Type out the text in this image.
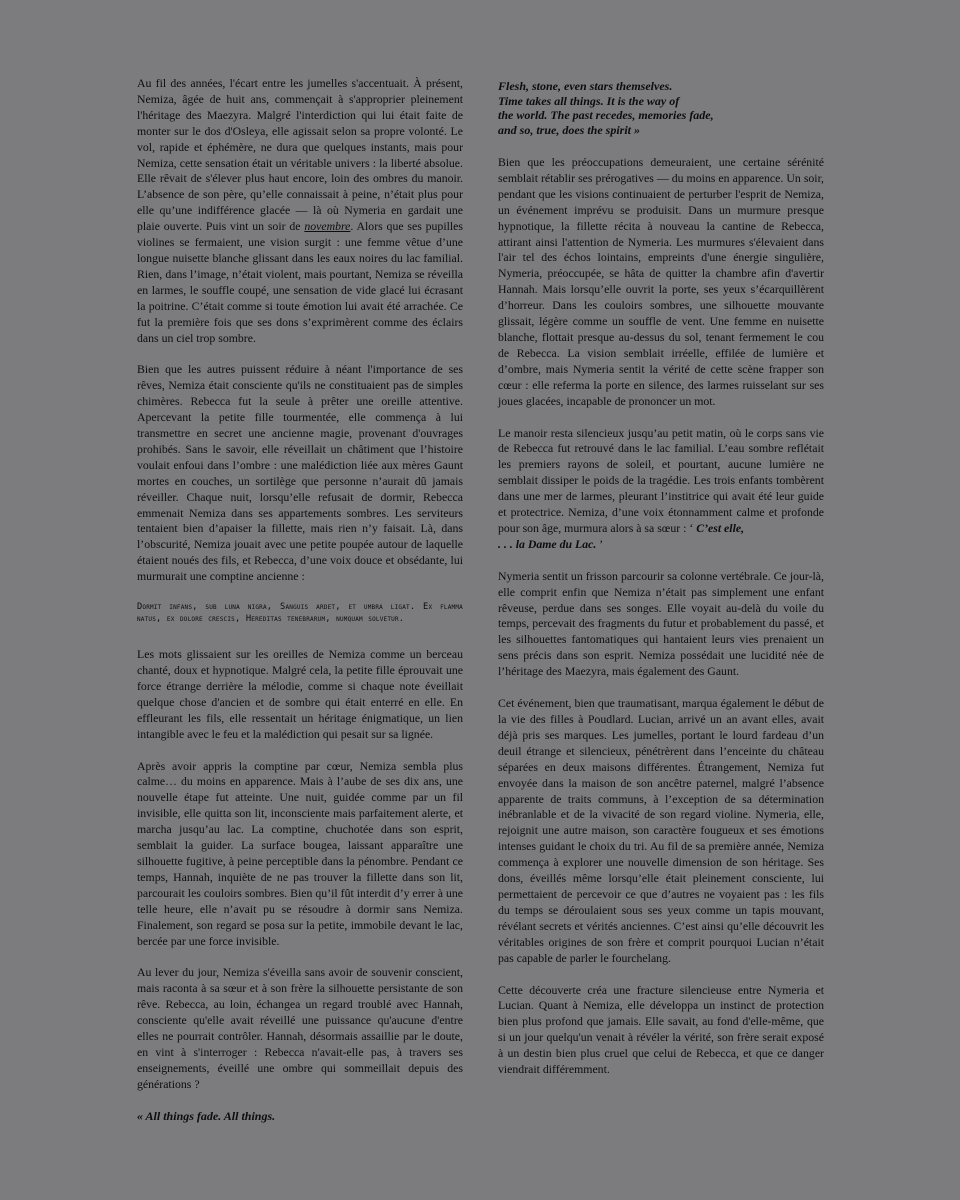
Au fil des années, l'écart entre les jumelles s'accentuait. À présent, Nemiza, âgée de huit ans, commençait à s'approprier pleinement l'héritage des Maezyra. Malgré l'interdiction qui lui était faite de monter sur le dos d'Osleya, elle agissait selon sa propre volonté. Le vol, rapide et éphémère, ne dura que quelques instants, mais pour Nemiza, cette sensation était un véritable univers : la liberté absolue. Elle rêvait de s'élever plus haut encore, loin des ombres du manoir. L’absence de son père, qu’elle connaissait à peine, n’était plus pour elle qu’une indifférence glacée — là où Nymeria en gardait une plaie ouverte. Puis vint un soir de novembre. Alors que ses pupilles violines se fermaient, une vision surgit : une femme vêtue d’une longue nuisette blanche glissant dans les eaux noires du lac familial. Rien, dans l’image, n’était violent, mais pourtant, Nemiza se réveilla en larmes, le souffle coupé, une sensation de vide glacé lui écrasant la poitrine. C’était comme si toute émotion lui avait été arrachée. Ce fut la première fois que ses dons s’exprimèrent comme des éclairs dans un ciel trop sombre.

Bien que les autres puissent réduire à néant l'importance de ses rêves, Nemiza était consciente qu'ils ne constituaient pas de simples chimères. Rebecca fut la seule à prêter une oreille attentive. Apercevant la petite fille tourmentée, elle commença à lui transmettre en secret une ancienne magie, provenant d'ouvrages prohibés. Sans le savoir, elle réveillait un châtiment que l’histoire voulait enfoui dans l’ombre : une malédiction liée aux mères Gaunt mortes en couches, un sortilège que personne n’aurait dû jamais réveiller. Chaque nuit, lorsqu’elle refusait de dormir, Rebecca emmenait Nemiza dans ses appartements sombres. Les serviteurs tentaient bien d’apaiser la fillette, mais rien n’y faisait. Là, dans l’obscurité, Nemiza jouait avec une petite poupée autour de laquelle étaient noués des fils, et Rebecca, d’une voix douce et obsédante, lui murmurait une comptine ancienne :

Dormit infans, sub luna nigra, Sanguis ardet, et umbra ligat. Ex flamma natus, ex dolore crescis, Hereditas tenebrarum, numquam solvetur.

Les mots glissaient sur les oreilles de Nemiza comme un berceau chanté, doux et hypnotique. Malgré cela, la petite fille éprouvait une force étrange derrière la mélodie, comme si chaque note éveillait quelque chose d'ancien et de sombre qui était enterré en elle. En effleurant les fils, elle ressentait un héritage énigmatique, un lien intangible avec le feu et la malédiction qui pesait sur sa lignée.

Après avoir appris la comptine par cœur, Nemiza sembla plus calme… du moins en apparence. Mais à l’aube de ses dix ans, une nouvelle étape fut atteinte. Une nuit, guidée comme par un fil invisible, elle quitta son lit, inconsciente mais parfaitement alerte, et marcha jusqu’au lac. La comptine, chuchotée dans son esprit, semblait la guider. La surface bougea, laissant apparaître une silhouette fugitive, à peine perceptible dans la pénombre. Pendant ce temps, Hannah, inquiète de ne pas trouver la fillette dans son lit, parcourait les couloirs sombres. Bien qu’il fût interdit d’y errer à une telle heure, elle n’avait pu se résoudre à dormir sans Nemiza. Finalement, son regard se posa sur la petite, immobile devant le lac, bercée par une force invisible.

Au lever du jour, Nemiza s'éveilla sans avoir de souvenir conscient, mais raconta à sa sœur et à son frère la silhouette persistante de son rêve. Rebecca, au loin, échangea un regard troublé avec Hannah, consciente qu'elle avait réveillé une puissance qu'aucune d'entre elles ne pourrait contrôler. Hannah, désormais assaillie par le doute, en vint à s'interroger : Rebecca n'avait-elle pas, à travers ses enseignements, éveillé une ombre qui sommeillait depuis des générations ?

« All things fade. All things.
Flesh, stone, even stars themselves.
Time takes all things. It is the way of
the world. The past recedes, memories fade,
and so, true, does the spirit »

Bien que les préoccupations demeuraient, une certaine sérénité semblait rétablir ses prérogatives — du moins en apparence. Un soir, pendant que les visions continuaient de perturber l'esprit de Nemiza, un événement imprévu se produisit. Dans un murmure presque hypnotique, la fillette récita à nouveau la cantine de Rebecca, attirant ainsi l'attention de Nymeria. Les murmures s'élevaient dans l'air tel des échos lointains, empreints d'une énergie singulière, Nymeria, préoccupée, se hâta de quitter la chambre afin d'avertir Hannah. Mais lorsqu’elle ouvrit la porte, ses yeux s’écarquillèrent d’horreur. Dans les couloirs sombres, une silhouette mouvante glissait, légère comme un souffle de vent. Une femme en nuisette blanche, flottait presque au-dessus du sol, tenant fermement le cou de Rebecca. La vision semblait irréelle, effilée de lumière et d’ombre, mais Nymeria sentit la vérité de cette scène frapper son cœur : elle referma la porte en silence, des larmes ruisselant sur ses joues glacées, incapable de prononcer un mot.

Le manoir resta silencieux jusqu’au petit matin, où le corps sans vie de Rebecca fut retrouvé dans le lac familial. L’eau sombre reflétait les premiers rayons de soleil, et pourtant, aucune lumière ne semblait dissiper le poids de la tragédie. Les trois enfants tombèrent dans une mer de larmes, pleurant l’institrice qui avait été leur guide et protectrice. Nemiza, d’une voix étonnamment calme et profonde pour son âge, murmura alors à sa sœur : ‘ C’est elle,
. . . la Dame du Lac. ’

Nymeria sentit un frisson parcourir sa colonne vertébrale. Ce jour-là, elle comprit enfin que Nemiza n’était pas simplement une enfant rêveuse, perdue dans ses songes. Elle voyait au-delà du voile du temps, percevait des fragments du futur et probablement du passé, et les silhouettes fantomatiques qui hantaient leurs vies prenaient un sens précis dans son esprit. Nemiza possédait une lucidité née de l’héritage des Maezyra, mais également des Gaunt.

Cet événement, bien que traumatisant, marqua également le début de la vie des filles à Poudlard. Lucian, arrivé un an avant elles, avait déjà pris ses marques. Les jumelles, portant le lourd fardeau d’un deuil étrange et silencieux, pénétrèrent dans l’enceinte du château séparées en deux maisons différentes. Étrangement, Nemiza fut envoyée dans la maison de son ancêtre paternel, malgré l’absence apparente de traits communs, à l’exception de sa détermination inébranlable et de la vivacité de son regard violine. Nymeria, elle, rejoignit une autre maison, son caractère fougueux et ses émotions intenses guidant le choix du tri. Au fil de sa première année, Nemiza commença à explorer une nouvelle dimension de son héritage. Ses dons, éveillés même lorsqu’elle était pleinement consciente, lui permettaient de percevoir ce que d’autres ne voyaient pas : les fils du temps se déroulaient sous ses yeux comme un tapis mouvant, révélant secrets et vérités anciennes. C’est ainsi qu’elle découvrit les véritables origines de son frère et comprit pourquoi Lucian n’était pas capable de parler le fourchelang.

Cette découverte créa une fracture silencieuse entre Nymeria et Lucian. Quant à Nemiza, elle développa un instinct de protection bien plus profond que jamais. Elle savait, au fond d'elle-même, que si un jour quelqu'un venait à révéler la vérité, son frère serait exposé à un destin bien plus cruel que celui de Rebecca, et que ce danger viendrait différemment.
